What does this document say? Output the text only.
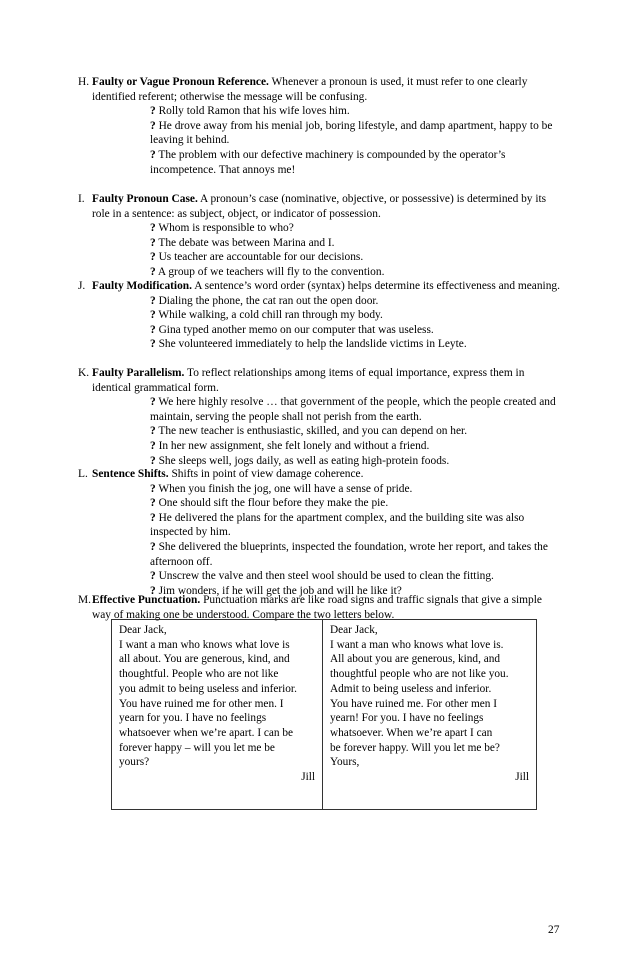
H. Faulty or Vague Pronoun Reference. Whenever a pronoun is used, it must refer to one clearly identified referent; otherwise the message will be confusing.
? Rolly told Ramon that his wife loves him.
? He drove away from his menial job, boring lifestyle, and damp apartment, happy to be leaving it behind.
? The problem with our defective machinery is compounded by the operator’s incompetence. That annoys me!
I. Faulty Pronoun Case. A pronoun’s case (nominative, objective, or possessive) is determined by its role in a sentence: as subject, object, or indicator of possession.
? Whom is responsible to who?
? The debate was between Marina and I.
? Us teacher are accountable for our decisions.
? A group of we teachers will fly to the convention.
J. Faulty Modification. A sentence’s word order (syntax) helps determine its effectiveness and meaning.
? Dialing the phone, the cat ran out the open door.
? While walking, a cold chill ran through my body.
? Gina typed another memo on our computer that was useless.
? She volunteered immediately to help the landslide victims in Leyte.
K. Faulty Parallelism. To reflect relationships among items of equal importance, express them in identical grammatical form.
? We here highly resolve … that government of the people, which the people created and maintain, serving the people shall not perish from the earth.
? The new teacher is enthusiastic, skilled, and you can depend on her.
? In her new assignment, she felt lonely and without a friend.
? She sleeps well, jogs daily, as well as eating high-protein foods.
L. Sentence Shifts. Shifts in point of view damage coherence.
? When you finish the jog, one will have a sense of pride.
? One should sift the flour before they make the pie.
? He delivered the plans for the apartment complex, and the building site was also inspected by him.
? She delivered the blueprints, inspected the foundation, wrote her report, and takes the afternoon off.
? Unscrew the valve and then steel wool should be used to clean the fitting.
? Jim wonders, if he will get the job and will he like it?
M. Effective Punctuation. Punctuation marks are like road signs and traffic signals that give a simple way of making one be understood. Compare the two letters below.
Dear Jack,
I want a man who knows what love is
all about. You are generous, kind, and
thoughtful. People who are not like
you admit to being useless and inferior.
You have ruined me for other men. I
yearn for you. I have no feelings
whatsoever when we’re apart. I can be
forever happy – will you let me be
yours?
Jill
Dear Jack,
I want a man who knows what love is.
All about you are generous, kind, and
thoughtful people who are not like you.
Admit to being useless and inferior.
You have ruined me. For other men I
yearn! For you. I have no feelings
whatsoever. When we’re apart I can
be forever happy. Will you let me be?
Yours,
Jill
27
